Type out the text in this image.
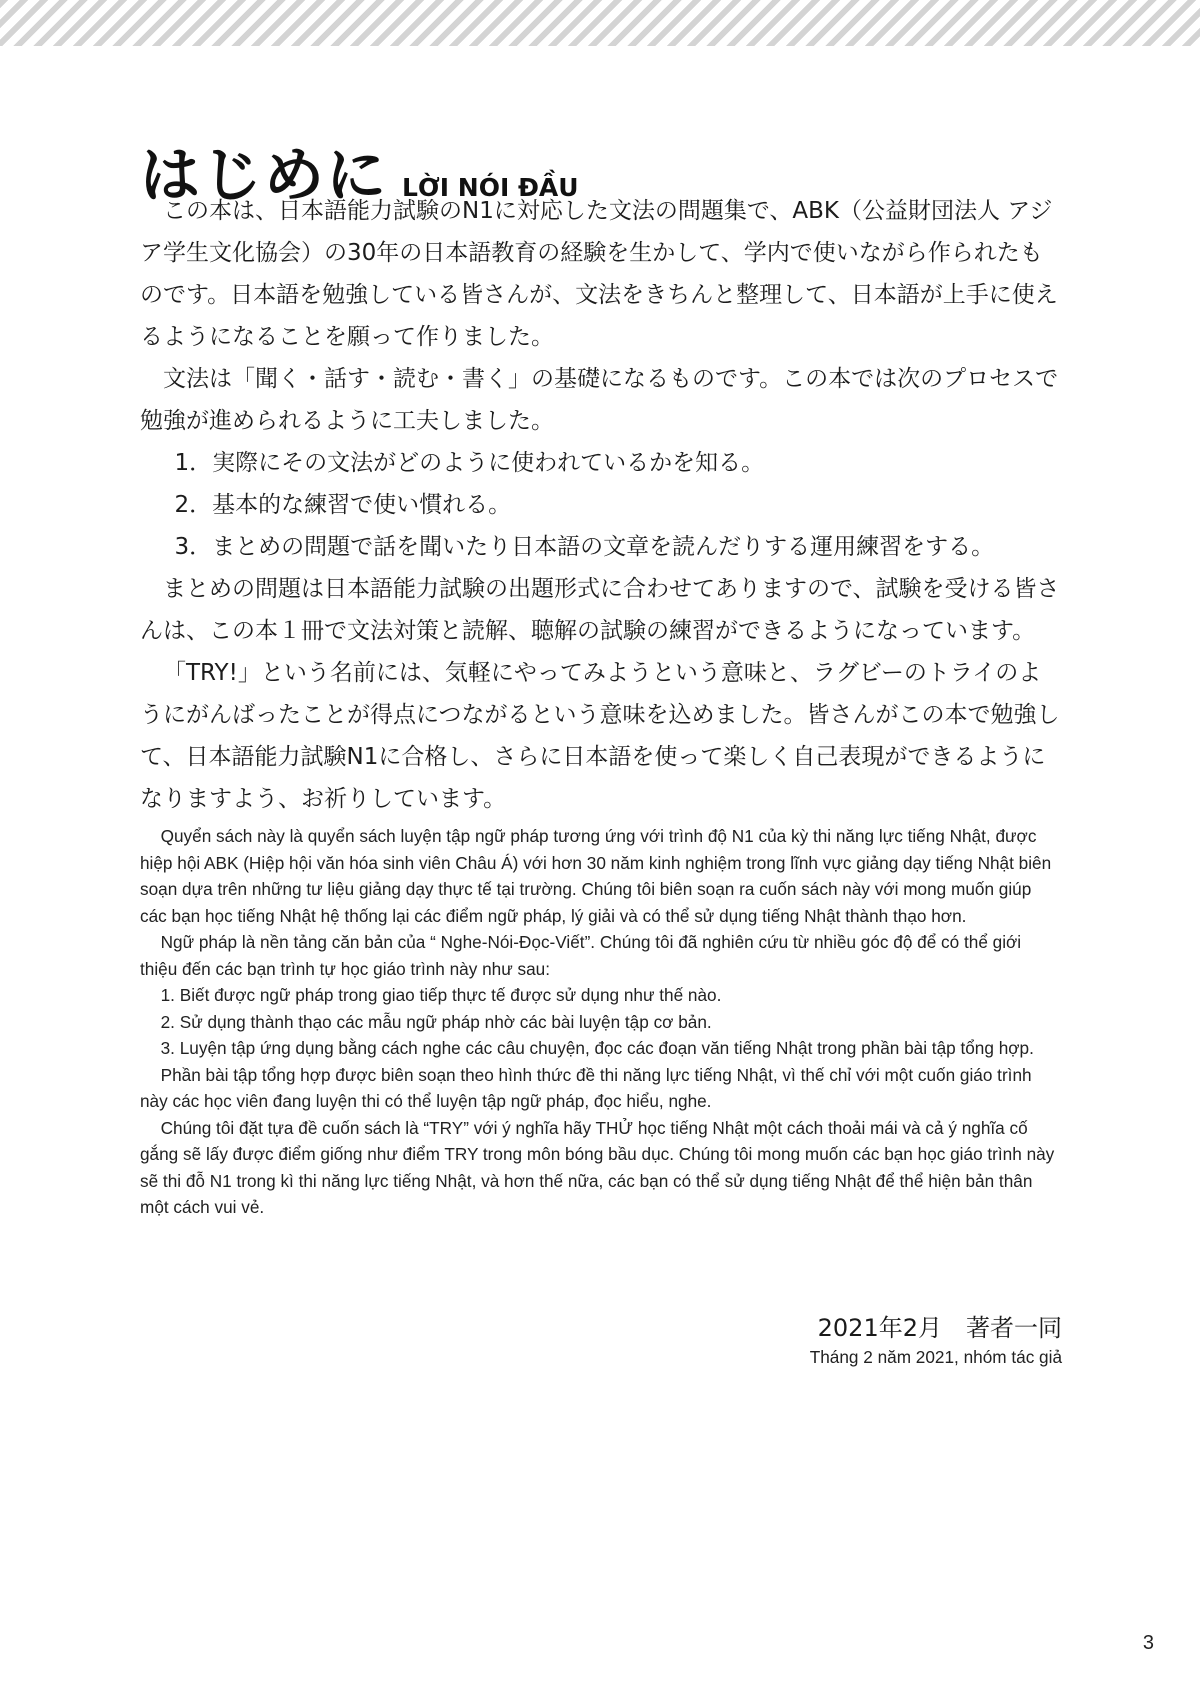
はじめに LỜI NÓI ĐẦU

この本は、日本語能力試験のN1に対応した文法の問題集で、ABK（公益財団法人 アジア学生文化協会）の30年の日本語教育の経験を生かして、学内で使いながら作られたものです。日本語を勉強している皆さんが、文法をきちんと整理して、日本語が上手に使えるようになることを願って作りました。

文法は「聞く・話す・読む・書く」の基礎になるものです。この本では次のプロセスで勉強が進められるように工夫しました。

1．実際にその文法がどのように使われているかを知る。

2．基本的な練習で使い慣れる。

3．まとめの問題で話を聞いたり日本語の文章を読んだりする運用練習をする。

まとめの問題は日本語能力試験の出題形式に合わせてありますので、試験を受ける皆さんは、この本１冊で文法対策と読解、聴解の試験の練習ができるようになっています。

「TRY!」という名前には、気軽にやってみようという意味と、ラグビーのトライのようにがんばったことが得点につながるという意味を込めました。皆さんがこの本で勉強して、日本語能力試験N1に合格し、さらに日本語を使って楽しく自己表現ができるようになりますよう、お祈りしています。

Quyển sách này là quyển sách luyện tập ngữ pháp tương ứng với trình độ N1 của kỳ thi năng lực tiếng Nhật, được hiệp hội ABK (Hiệp hội văn hóa sinh viên Châu Á) với hơn 30 năm kinh nghiệm trong lĩnh vực giảng dạy tiếng Nhật biên soạn dựa trên những tư liệu giảng dạy thực tế tại trường. Chúng tôi biên soạn ra cuốn sách này với mong muốn giúp các bạn học tiếng Nhật hệ thống lại các điểm ngữ pháp, lý giải và có thể sử dụng tiếng Nhật thành thạo hơn.

Ngữ pháp là nền tảng căn bản của “ Nghe-Nói-Đọc-Viết”. Chúng tôi đã nghiên cứu từ nhiều góc độ để có thể giới thiệu đến các bạn trình tự học giáo trình này như sau:

1. Biết được ngữ pháp trong giao tiếp thực tế được sử dụng như thế nào.

2. Sử dụng thành thạo các mẫu ngữ pháp nhờ các bài luyện tập cơ bản.

3. Luyện tập ứng dụng bằng cách nghe các câu chuyện, đọc các đoạn văn tiếng Nhật trong phần bài tập tổng hợp.

Phần bài tập tổng hợp được biên soạn theo hình thức đề thi năng lực tiếng Nhật, vì thế chỉ với một cuốn giáo trình này các học viên đang luyện thi có thể luyện tập ngữ pháp, đọc hiểu, nghe.

Chúng tôi đặt tựa đề cuốn sách là “TRY” với ý nghĩa hãy THỬ học tiếng Nhật một cách thoải mái và cả ý nghĩa cố gắng sẽ lấy được điểm giống như điểm TRY trong môn bóng bầu dục. Chúng tôi mong muốn các bạn học giáo trình này sẽ thi đỗ N1 trong kì thi năng lực tiếng Nhật, và hơn thế nữa, các bạn có thể sử dụng tiếng Nhật để thể hiện bản thân một cách vui vẻ.

2021年2月　著者一同
Tháng 2 năm 2021, nhóm tác giả
3
